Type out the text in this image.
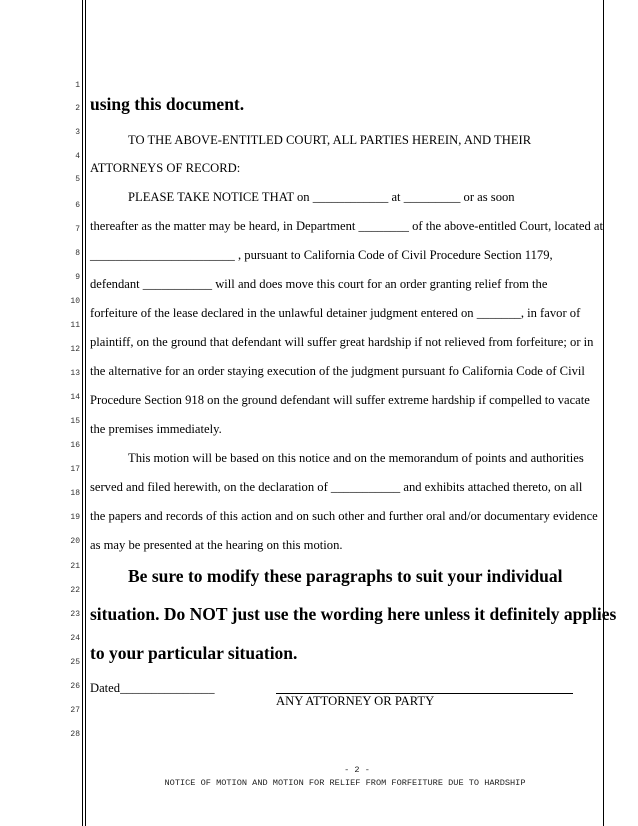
1
2
3
4
5
6
7
8
9
10
11
12
13
14
15
16
17
18
19
20
21
22
23
24
25
26
27
28
using this document.
TO THE ABOVE-ENTITLED COURT, ALL PARTIES HEREIN, AND THEIR
ATTORNEYS OF RECORD:
PLEASE TAKE NOTICE THAT on ____________ at _________ or as soon
thereafter as the matter may be heard, in Department ________ of the above-entitled Court, located at
_______________________ , pursuant to California Code of Civil Procedure Section 1179,
defendant ___________ will and does move this court for an order granting relief from the
forfeiture of the lease declared in the unlawful detainer judgment entered on _______, in favor of
plaintiff, on the ground that defendant will suffer great hardship if not relieved from forfeiture; or in
the alternative for an order staying execution of the judgment pursuant fo California Code of Civil
Procedure Section 918 on the ground defendant will suffer extreme hardship if compelled to vacate
the premises immediately.
This motion will be based on this notice and on the memorandum of points and authorities
served and filed herewith, on the declaration of ___________ and exhibits attached thereto, on all
the papers and records of this action and on such other and further oral and/or documentary evidence
as may be presented at the hearing on this motion.
Be sure to modify these paragraphs to suit your individual
situation. Do NOT just use the wording here unless it definitely applies
to your particular situation.
Dated_______________
ANY ATTORNEY OR PARTY
- 2 -
NOTICE OF MOTION AND MOTION FOR RELIEF FROM FORFEITURE DUE TO HARDSHIP
